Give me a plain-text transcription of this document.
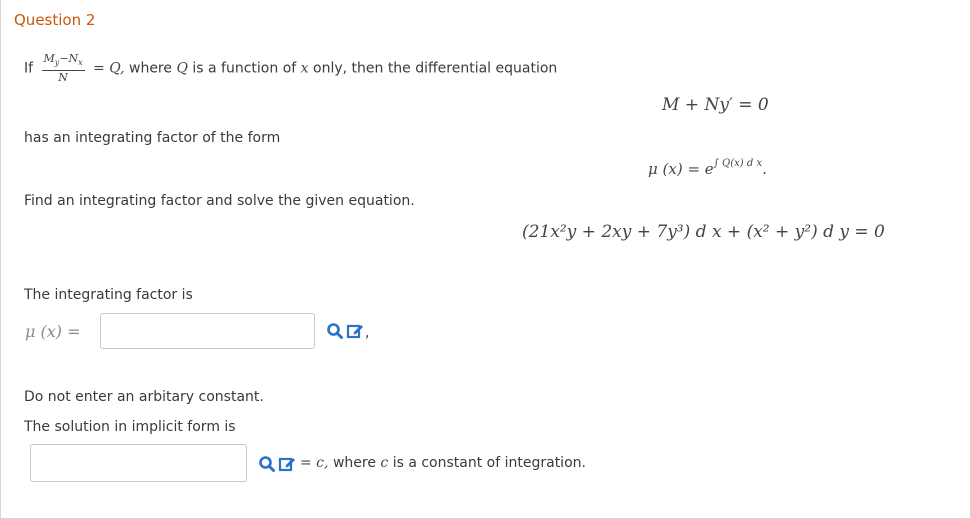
Question 2
If $\frac{M_y-N_x}{N} = Q$, where Q is a function of x only, then the differential equation
M + Ny′ = 0
has an integrating factor of the form
μ $(x) = e^{\int Q(x) d x}$.
Find an integrating factor and solve the given equation.
(21x²y + 2xy + 7y³) d x + (x² + y²) d y = 0
The integrating factor is
μ (x) =	,
Do not enter an arbitary constant.
The solution in implicit form is
= c, where c is a constant of integration.
